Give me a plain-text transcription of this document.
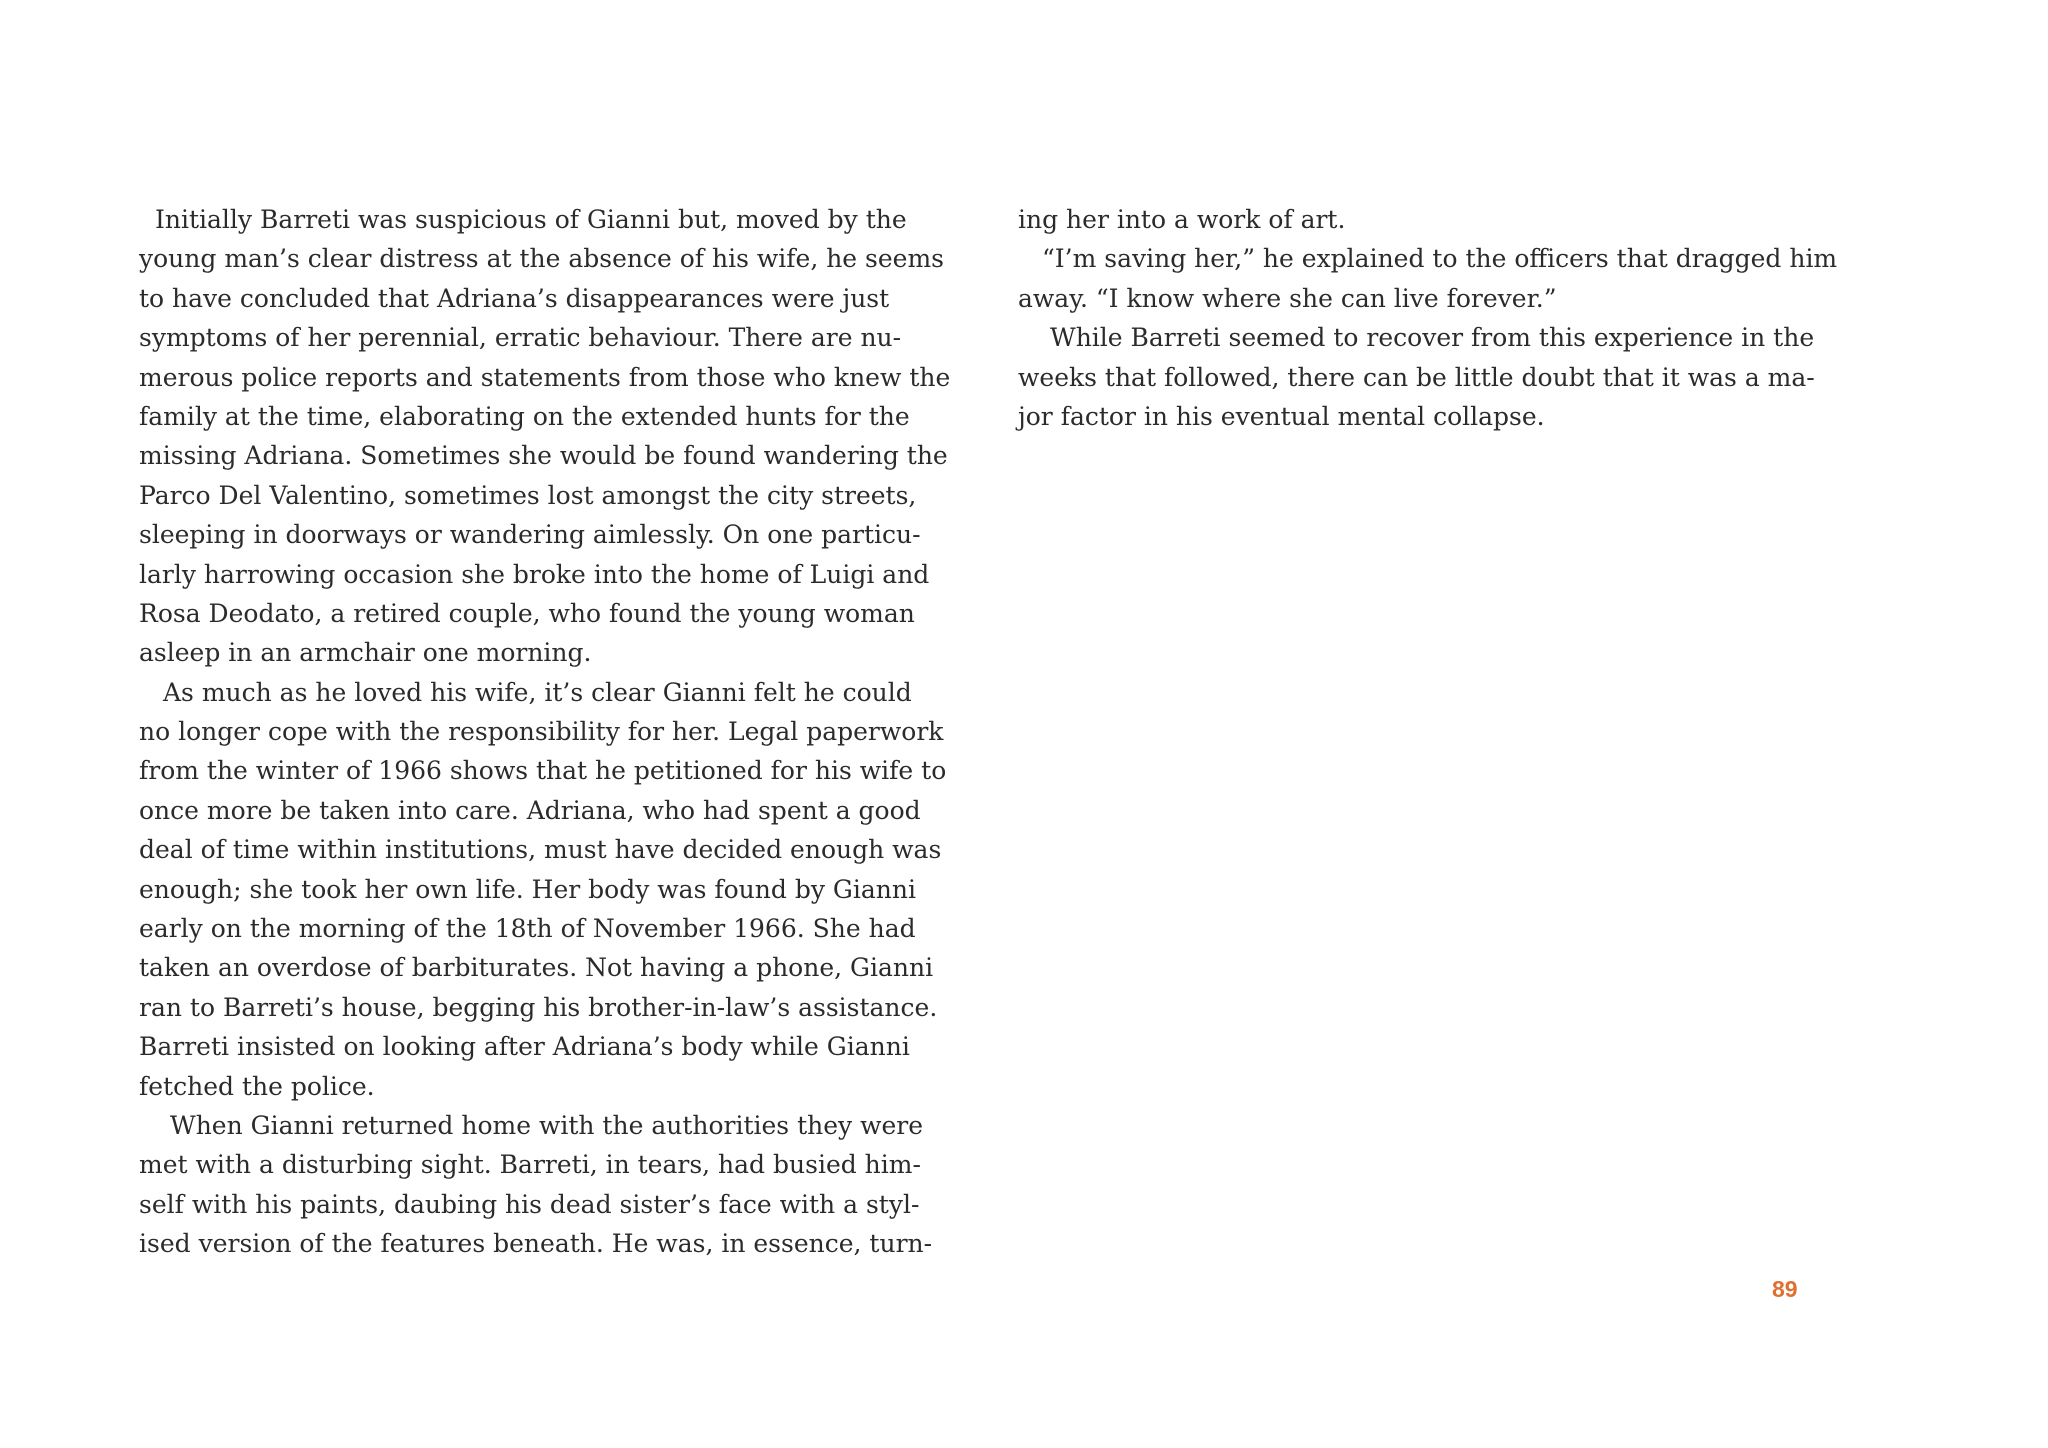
Initially Barreti was suspicious of Gianni but, moved by the
young man’s clear distress at the absence of his wife, he seems
to have concluded that Adriana’s disappearances were just
symptoms of her perennial, erratic behaviour. There are nu-
merous police reports and statements from those who knew the
family at the time, elaborating on the extended hunts for the
missing Adriana. Sometimes she would be found wandering the
Parco Del Valentino, sometimes lost amongst the city streets,
sleeping in doorways or wandering aimlessly. On one particu-
larly harrowing occasion she broke into the home of Luigi and
Rosa Deodato, a retired couple, who found the young woman
asleep in an armchair one morning.
As much as he loved his wife, it’s clear Gianni felt he could
no longer cope with the responsibility for her. Legal paperwork
from the winter of 1966 shows that he petitioned for his wife to
once more be taken into care. Adriana, who had spent a good
deal of time within institutions, must have decided enough was
enough; she took her own life. Her body was found by Gianni
early on the morning of the 18th of November 1966. She had
taken an overdose of barbiturates. Not having a phone, Gianni
ran to Barreti’s house, begging his brother-in-law’s assistance.
Barreti insisted on looking after Adriana’s body while Gianni
fetched the police.
When Gianni returned home with the authorities they were
met with a disturbing sight. Barreti, in tears, had busied him-
self with his paints, daubing his dead sister’s face with a styl-
ised version of the features beneath. He was, in essence, turn-
ing her into a work of art.
“I’m saving her,” he explained to the officers that dragged him
away. “I know where she can live forever.”
While Barreti seemed to recover from this experience in the
weeks that followed, there can be little doubt that it was a ma-
jor factor in his eventual mental collapse.
89
